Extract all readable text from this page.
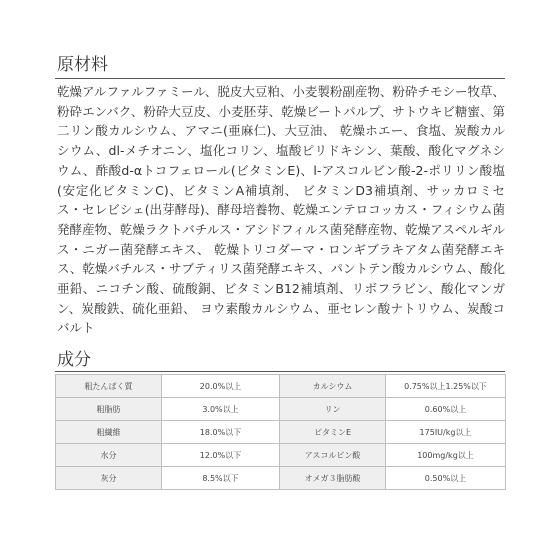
原材料

乾燥アルファルファミール、脱皮大豆粕、小麦製粉副産物、粉砕チモシー牧草、粉砕エンバク、粉砕大豆皮、小麦胚芽、乾燥ビートパルプ、サトウキビ糖蜜、第二リン酸カルシウム、アマニ(亜麻仁)、大豆油、 乾燥ホエー、食塩、炭酸カルシウム、dl-メチオニン、塩化コリン、塩酸ピリドキシン、葉酸、酸化マグネシウム、酢酸d-αトコフェロール(ビタミンE)、l-アスコルビン酸-2-ポリリン酸塩(安定化ビタミンC)、ビタミンA補填剤、 ビタミンD3補填剤、サッカロミセス・セレビシェ(出芽酵母)、酵母培養物、乾燥エンテロコッカス・フィシウム菌発酵産物、乾燥ラクトバチルス・アシドフィルス菌発酵産物、乾燥アスペルギルス・ニガー菌発酵エキス、 乾燥トリコダーマ・ロンギブラキアタム菌発酵エキス、乾燥バチルス・サブティリス菌発酵エキス、パントテン酸カルシウム、酸化亜鉛、ニコチン酸、硫酸銅、ビタミンB12補填剤、リボフラビン、酸化マンガン、炭酸鉄、硫化亜鉛、 ヨウ素酸カルシウム、亜セレン酸ナトリウム、炭酸コバルト

成分
粗たんぱく質	20.0%以上	カルシウム	0.75%以上1.25%以下
粗脂肪	3.0%以上	リン	0.60%以上
粗繊維	18.0%以下	ビタミンE	175IU/kg以上
水分	12.0%以下	アスコルビン酸	100mg/kg以上
灰分	8.5%以下	オメガ３脂肪酸	0.50%以上
